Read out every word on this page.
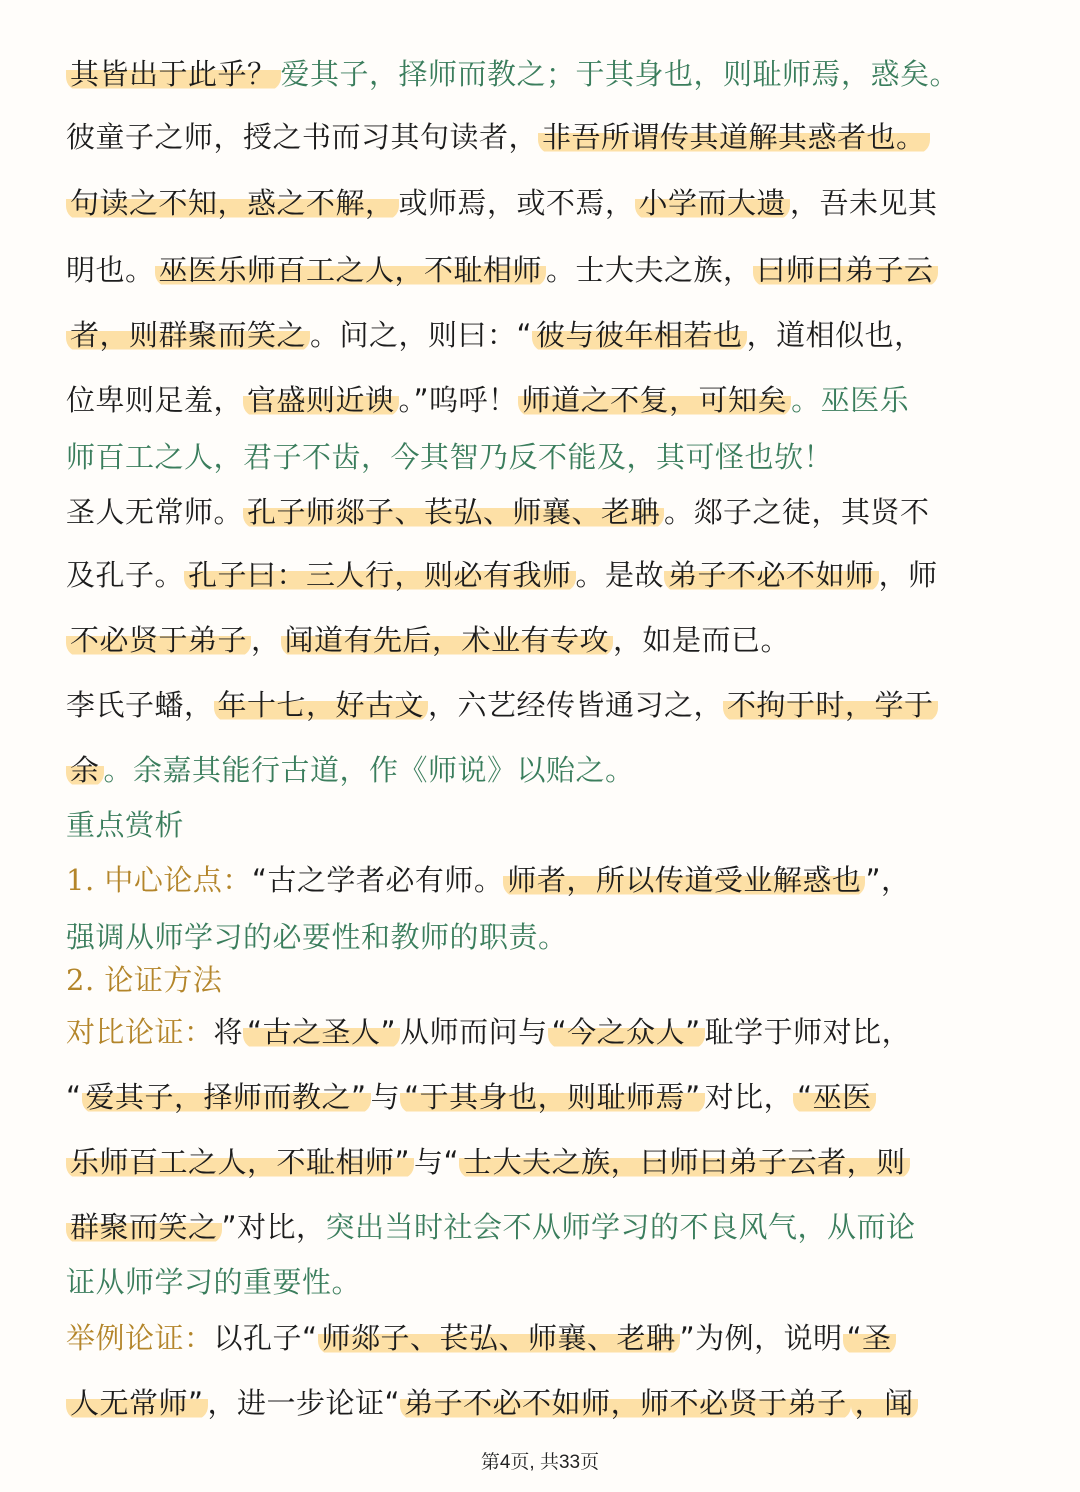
其皆出于此乎？ 爱其子，择师而教之；于其身也，则耻师焉，惑矣。
彼童子之师，授之书而习其句读者， 非吾所谓传其道解其惑者也。
句读之不知，惑之不解， 或师焉，或不焉， 小学而大遗 ，吾未见其
明也。 巫医乐师百工之人，不耻相师 。士大夫之族， 曰师曰弟子云
者，则群聚而笑之 。问之，则曰：“ 彼与彼年相若也 ，道相似也，
位卑则足羞， 官盛则近谀 。”呜呼！ 师道之不复，可知矣 。巫医乐
师百工之人，君子不齿，今其智乃反不能及，其可怪也欤！
圣人无常师。 孔子师郯子、苌弘、师襄、老聃 。郯子之徒，其贤不
及孔子。 孔子曰：三人行，则必有我师 。是故 弟子不必不如师 ，师
不必贤于弟子 ， 闻道有先后，术业有专攻 ，如是而已。
李氏子蟠， 年十七，好古文 ，六艺经传皆通习之， 不拘于时，学于
余 。余嘉其能行古道，作《师说》以贻之。
重点赏析
1. 中心论点：“古之学者必有师。 师者，所以传道受业解惑也 ”，
强调从师学习的必要性和教师的职责。
2. 论证方法
对比论证：将 “古之圣人” 从师而问与 “今之众人” 耻学于师对比，
“ 爱其子，择师而教之” 与 “于其身也，则耻师焉” 对比， “巫医
乐师百工之人，不耻相师” 与“ 士大夫之族，曰师曰弟子云者，则
群聚而笑之 ”对比，突出当时社会不从师学习的不良风气，从而论
证从师学习的重要性。
举例论证：以孔子“ 师郯子、苌弘、师襄、老聃 ”为例，说明 “圣
人无常师” ，进一步论证“ 弟子不必不如师，师不必贤于弟子 ，闻
第4页, 共33页
